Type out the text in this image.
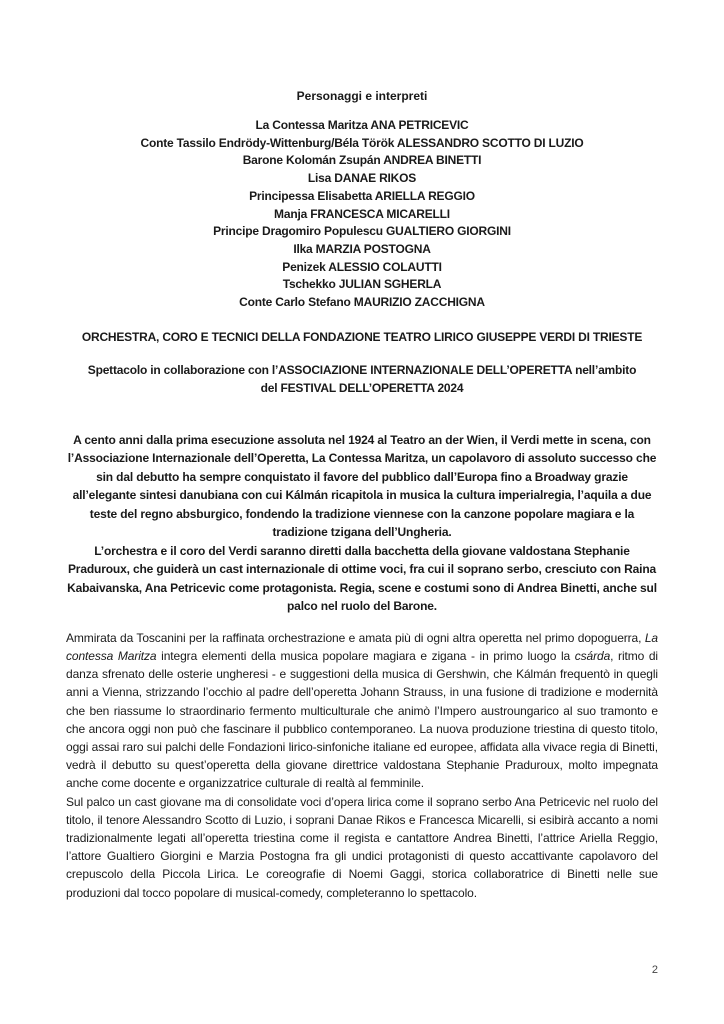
Personaggi e interpreti

La Contessa Maritza ANA PETRICEVIC
Conte Tassilo Endrödy-Wittenburg/Béla Török ALESSANDRO SCOTTO DI LUZIO
Barone Kolomán Zsupán ANDREA BINETTI
Lisa DANAE RIKOS
Principessa Elisabetta ARIELLA REGGIO
Manja FRANCESCA MICARELLI
Principe Dragomiro Populescu GUALTIERO GIORGINI
Ilka MARZIA POSTOGNA
Penizek ALESSIO COLAUTTI
Tschekko JULIAN SGHERLA
Conte Carlo Stefano MAURIZIO ZACCHIGNA
ORCHESTRA, CORO E TECNICI DELLA FONDAZIONE TEATRO LIRICO GIUSEPPE VERDI DI TRIESTE
Spettacolo in collaborazione con l’ASSOCIAZIONE INTERNAZIONALE DELL’OPERETTA nell’ambito
del FESTIVAL DELL’OPERETTA 2024

A cento anni dalla prima esecuzione assoluta nel 1924 al Teatro an der Wien, il Verdi mette in scena, con l’Associazione Internazionale dell’Operetta, La Contessa Maritza, un capolavoro di assoluto successo che sin dal debutto ha sempre conquistato il favore del pubblico dall’Europa fino a Broadway grazie all’elegante sintesi danubiana con cui Kálmán ricapitola in musica la cultura imperialregia, l’aquila a due teste del regno absburgico, fondendo la tradizione viennese con la canzone popolare magiara e la tradizione tzigana dell’Ungheria.

L’orchestra e il coro del Verdi saranno diretti dalla bacchetta della giovane valdostana Stephanie Praduroux, che guiderà un cast internazionale di ottime voci, fra cui il soprano serbo, cresciuto con Raina Kabaivanska, Ana Petricevic come protagonista. Regia, scene e costumi sono di Andrea Binetti, anche sul palco nel ruolo del Barone.

Ammirata da Toscanini per la raffinata orchestrazione e amata più di ogni altra operetta nel primo dopoguerra, La contessa Maritza integra elementi della musica popolare magiara e zigana - in primo luogo la csárda, ritmo di danza sfrenato delle osterie ungheresi - e suggestioni della musica di Gershwin, che Kálmán frequentò in quegli anni a Vienna, strizzando l’occhio al padre dell’operetta Johann Strauss, in una fusione di tradizione e modernità che ben riassume lo straordinario fermento multiculturale che animò l’Impero austroungarico al suo tramonto e che ancora oggi non può che fascinare il pubblico contemporaneo. La nuova produzione triestina di questo titolo, oggi assai raro sui palchi delle Fondazioni lirico-sinfoniche italiane ed europee, affidata alla vivace regia di Binetti, vedrà il debutto su quest’operetta della giovane direttrice valdostana Stephanie Praduroux, molto impegnata anche come docente e organizzatrice culturale di realtà al femminile.

Sul palco un cast giovane ma di consolidate voci d’opera lirica come il soprano serbo Ana Petricevic nel ruolo del titolo, il tenore Alessandro Scotto di Luzio, i soprani Danae Rikos e Francesca Micarelli, si esibirà accanto a nomi tradizionalmente legati all’operetta triestina come il regista e cantattore Andrea Binetti, l’attrice Ariella Reggio, l’attore Gualtiero Giorgini e Marzia Postogna fra gli undici protagonisti di questo accattivante capolavoro del crepuscolo della Piccola Lirica. Le coreografie di Noemi Gaggi, storica collaboratrice di Binetti nelle sue produzioni dal tocco popolare di musical-comedy, completeranno lo spettacolo.

2
